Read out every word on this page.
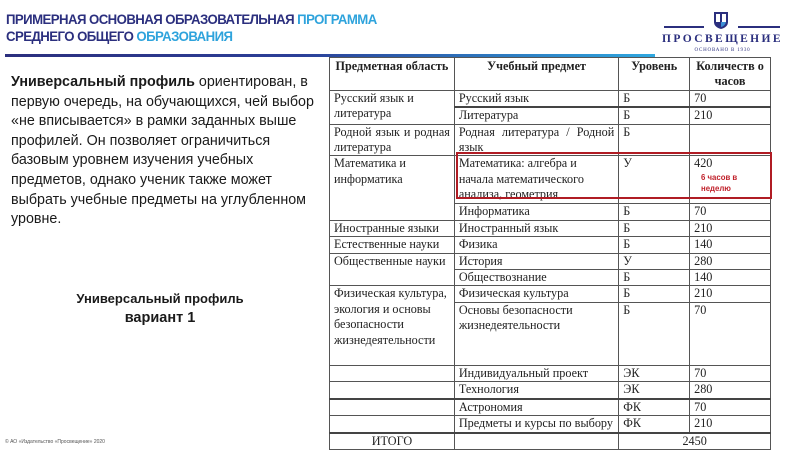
ПРИМЕРНАЯ ОСНОВНАЯ ОБРАЗОВАТЕЛЬНАЯ ПРОГРАММА
СРЕДНЕГО ОБЩЕГО ОБРАЗОВАНИЯ	ПРОСВЕЩЕНИЕ
ОСНОВАНО В 1930
Универсальный профиль ориентирован, в первую очередь, на обучающихся, чей выбор «не вписывается» в рамки заданных выше профилей. Он позволяет ограничиться базовым уровнем изучения учебных предметов, однако ученик также может выбрать учебные предметы на углубленном уровне.
Универсальный профиль
вариант 1
Предметная область	Учебный предмет	Уровень	Количеств о часов
Русский язык и литература	Русский язык	Б	70
	Литература	Б	210
Родной язык и родная литература	Родная литература / Родной язык	Б	
Математика и информатика	Математика: алгебра и начала математического анализа, геометрия	У	420
	Информатика	Б	70
Иностранные языки	Иностранный язык	Б	210
Естественные науки	Физика	Б	140
Общественные науки	История	У	280
	Обществознание	Б	140
Физическая культура, экология и основы безопасности жизнедеятельности	Физическая культура	Б	210
	Основы безопасности жизнедеятельности	Б	70
	Индивидуальный проект	ЭК	70
	Технология	ЭК	280
	Астрономия	ФК	70
	Предметы и курсы по выбору	ФК	210
ИТОГО		2450	
6 часов в неделю
© АО «Издательство «Просвещение» 2020
